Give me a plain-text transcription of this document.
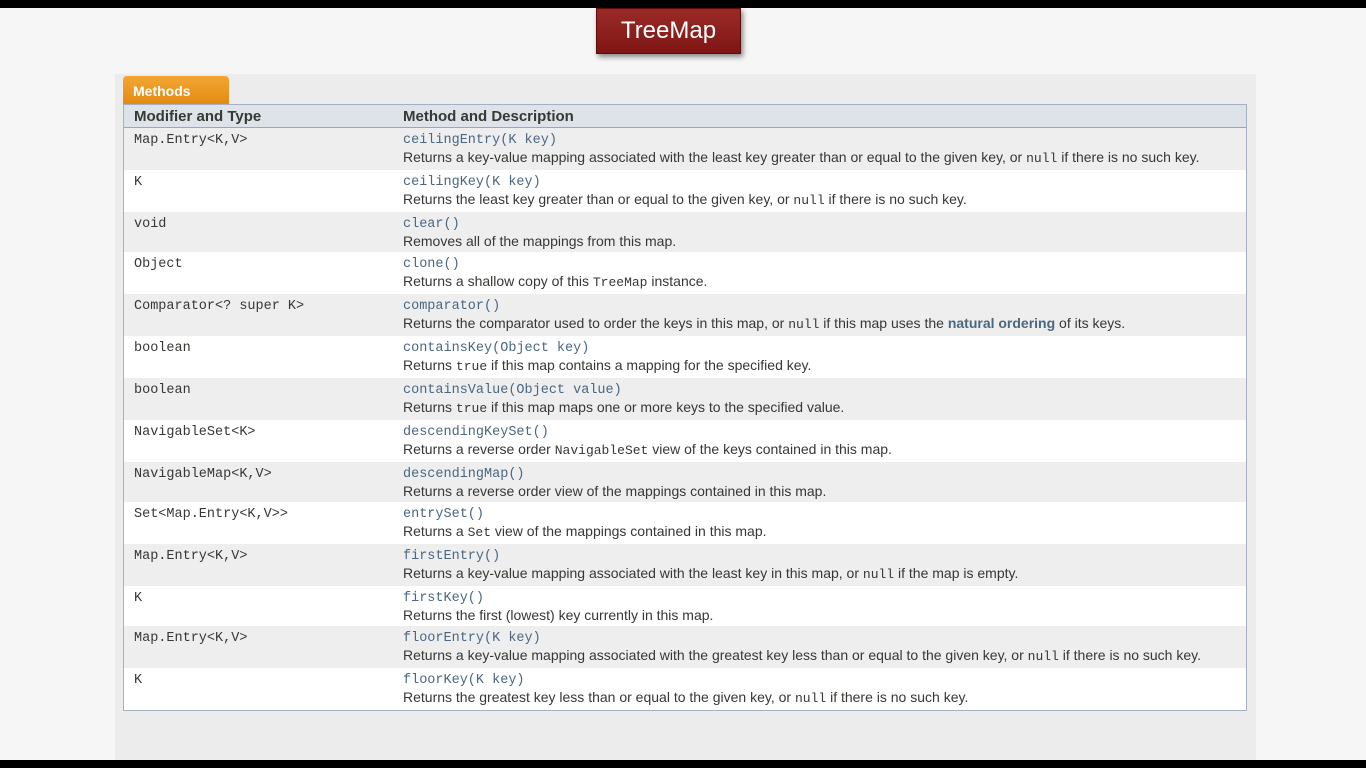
TreeMap
Methods
Modifier and Type	Method and Description
Map.Entry<K,V>	ceilingEntry(K key)
Returns a key-value mapping associated with the least key greater than or equal to the given key, or null if there is no such key.
K	ceilingKey(K key)
Returns the least key greater than or equal to the given key, or null if there is no such key.
void	clear()
Removes all of the mappings from this map.
Object	clone()
Returns a shallow copy of this TreeMap instance.
Comparator<? super K>	comparator()
Returns the comparator used to order the keys in this map, or null if this map uses the natural ordering of its keys.
boolean	containsKey(Object key)
Returns true if this map contains a mapping for the specified key.
boolean	containsValue(Object value)
Returns true if this map maps one or more keys to the specified value.
NavigableSet<K>	descendingKeySet()
Returns a reverse order NavigableSet view of the keys contained in this map.
NavigableMap<K,V>	descendingMap()
Returns a reverse order view of the mappings contained in this map.
Set<Map.Entry<K,V>>	entrySet()
Returns a Set view of the mappings contained in this map.
Map.Entry<K,V>	firstEntry()
Returns a key-value mapping associated with the least key in this map, or null if the map is empty.
K	firstKey()
Returns the first (lowest) key currently in this map.
Map.Entry<K,V>	floorEntry(K key)
Returns a key-value mapping associated with the greatest key less than or equal to the given key, or null if there is no such key.
K	floorKey(K key)
Returns the greatest key less than or equal to the given key, or null if there is no such key.
